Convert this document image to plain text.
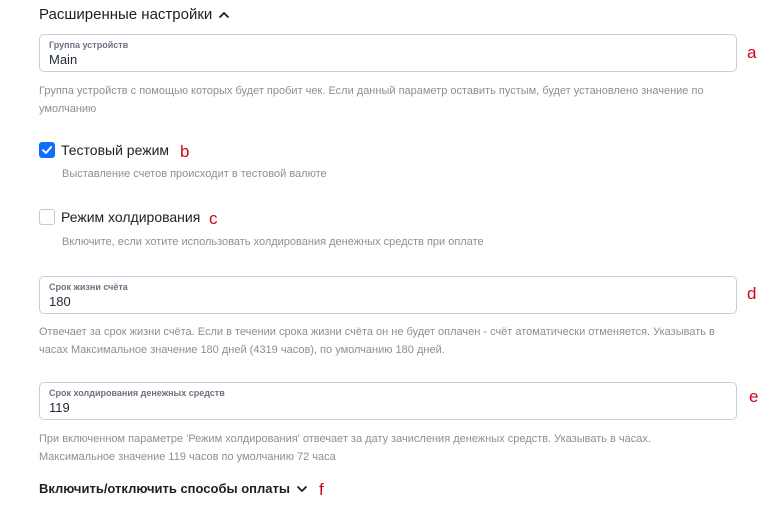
Расширенные настройки
Группа устройств
Main	a
Группа устройств с помощью которых будет пробит чек. Если данный параметр оставить пустым, будет установлено значение по умолчанию
Тестовый режим b
Выставление счетов происходит в тестовой валюте
Режим холдирования c
Включите, если хотите использовать холдирования денежных средств при оплате
Срок жизни счёта
180	d
Отвечает за срок жизни счёта. Если в течении срока жизни счёта он не будет оплачен - счёт атоматически отменяется. Указывать в часах Максимальное значение 180 дней (4319 часов), по умолчанию 180 дней.
Срок холдирования денежных средств
119
e
При включенном параметре 'Режим холдирования' отвечает за дату зачисления денежных средств. Указывать в часах. Максимальное значение 119 часов по умолчанию 72 часа
Включить/отключить способы оплаты f
